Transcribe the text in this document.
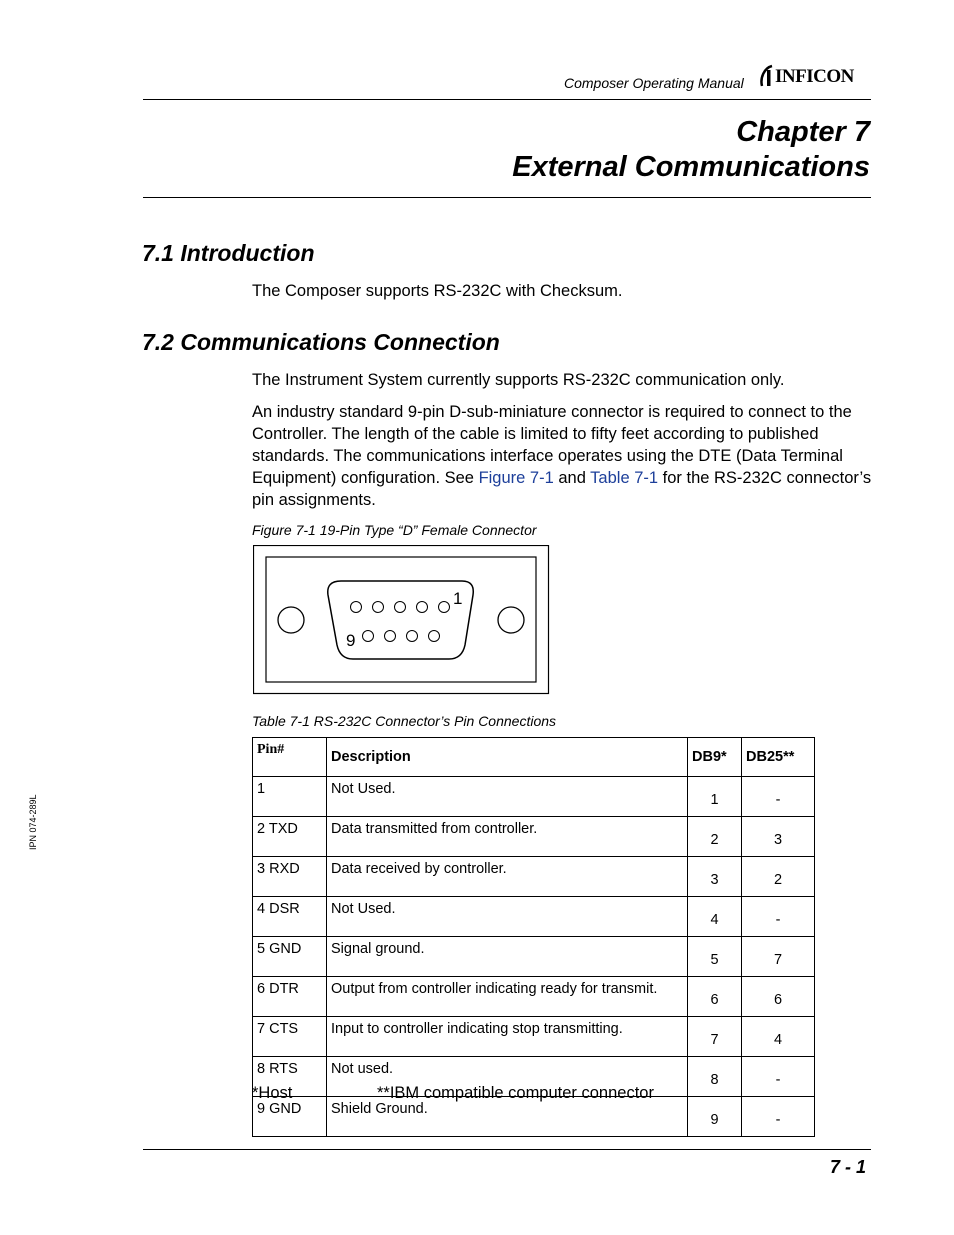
Composer Operating Manual INFICON
Chapter 7
External Communications
7.1 Introduction

The Composer supports RS-232C with Checksum.

7.2 Communications Connection

The Instrument System currently supports RS-232C communication only.

An industry standard 9-pin D-sub-miniature connector is required to connect to the Controller. The length of the cable is limited to fifty feet according to published standards. The communications interface operates using the DTE (Data Terminal Equipment) configuration. See Figure 7-1 and Table 7-1 for the RS-232C connector’s pin assignments.

Figure 7-1 19-Pin Type “D” Female Connector
1
9
Table 7-1 RS-232C Connector’s Pin Connections
Pin#	Description	DB9*	DB25**
1	Not Used.	1	-
2 TXD	Data transmitted from controller.	2	3
3 RXD	Data received by controller.	3	2
4 DSR	Not Used.	4	-
5 GND	Signal ground.	5	7
6 DTR	Output from controller indicating ready for transmit.	6	6
7 CTS	Input to controller indicating stop transmitting.	7	4
8 RTS	Not used.	8	-
9 GND	Shield Ground.	9	-
*Host	**IBM compatible computer connector
IPN 074-289L
7 - 1
